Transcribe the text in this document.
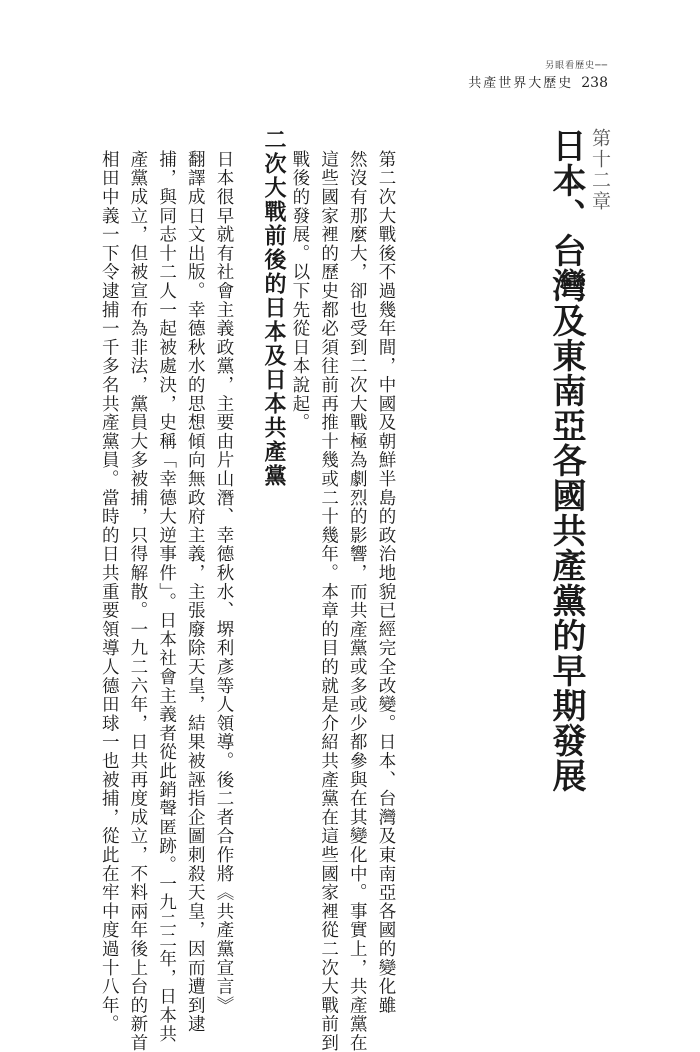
另眼看歷史──
共產世界大歷史 238
第十二章
日本、台灣及東南亞各國共產黨的早期發展
第二次大戰後不過幾年間，中國及朝鮮半島的政治地貌已經完全改變。日本、台灣及東南亞各國的變化雖
然沒有那麼大，卻也受到二次大戰極為劇烈的影響，而共產黨或多或少都參與在其變化中。事實上，共產黨在
這些國家裡的歷史都必須往前再推十幾或二十幾年。本章的目的就是介紹共產黨在這些國家裡從二次大戰前到
戰後的發展。以下先從日本說起。
二次大戰前後的日本及日本共產黨
日本很早就有社會主義政黨，主要由片山潛、幸德秋水、堺利彥等人領導。後二者合作將《共產黨宣言》
翻譯成日文出版。幸德秋水的思想傾向無政府主義，主張廢除天皇，結果被誣指企圖刺殺天皇，因而遭到逮
捕，與同志十二人一起被處決，史稱「幸德大逆事件」。日本社會主義者從此銷聲匿跡。一九二二年，日本共
產黨成立，但被宣布為非法，黨員大多被捕，只得解散。一九二六年，日共再度成立，不料兩年後上台的新首
相田中義一下令逮捕一千多名共產黨員。當時的日共重要領導人德田球一也被捕，從此在牢中度過十八年。
